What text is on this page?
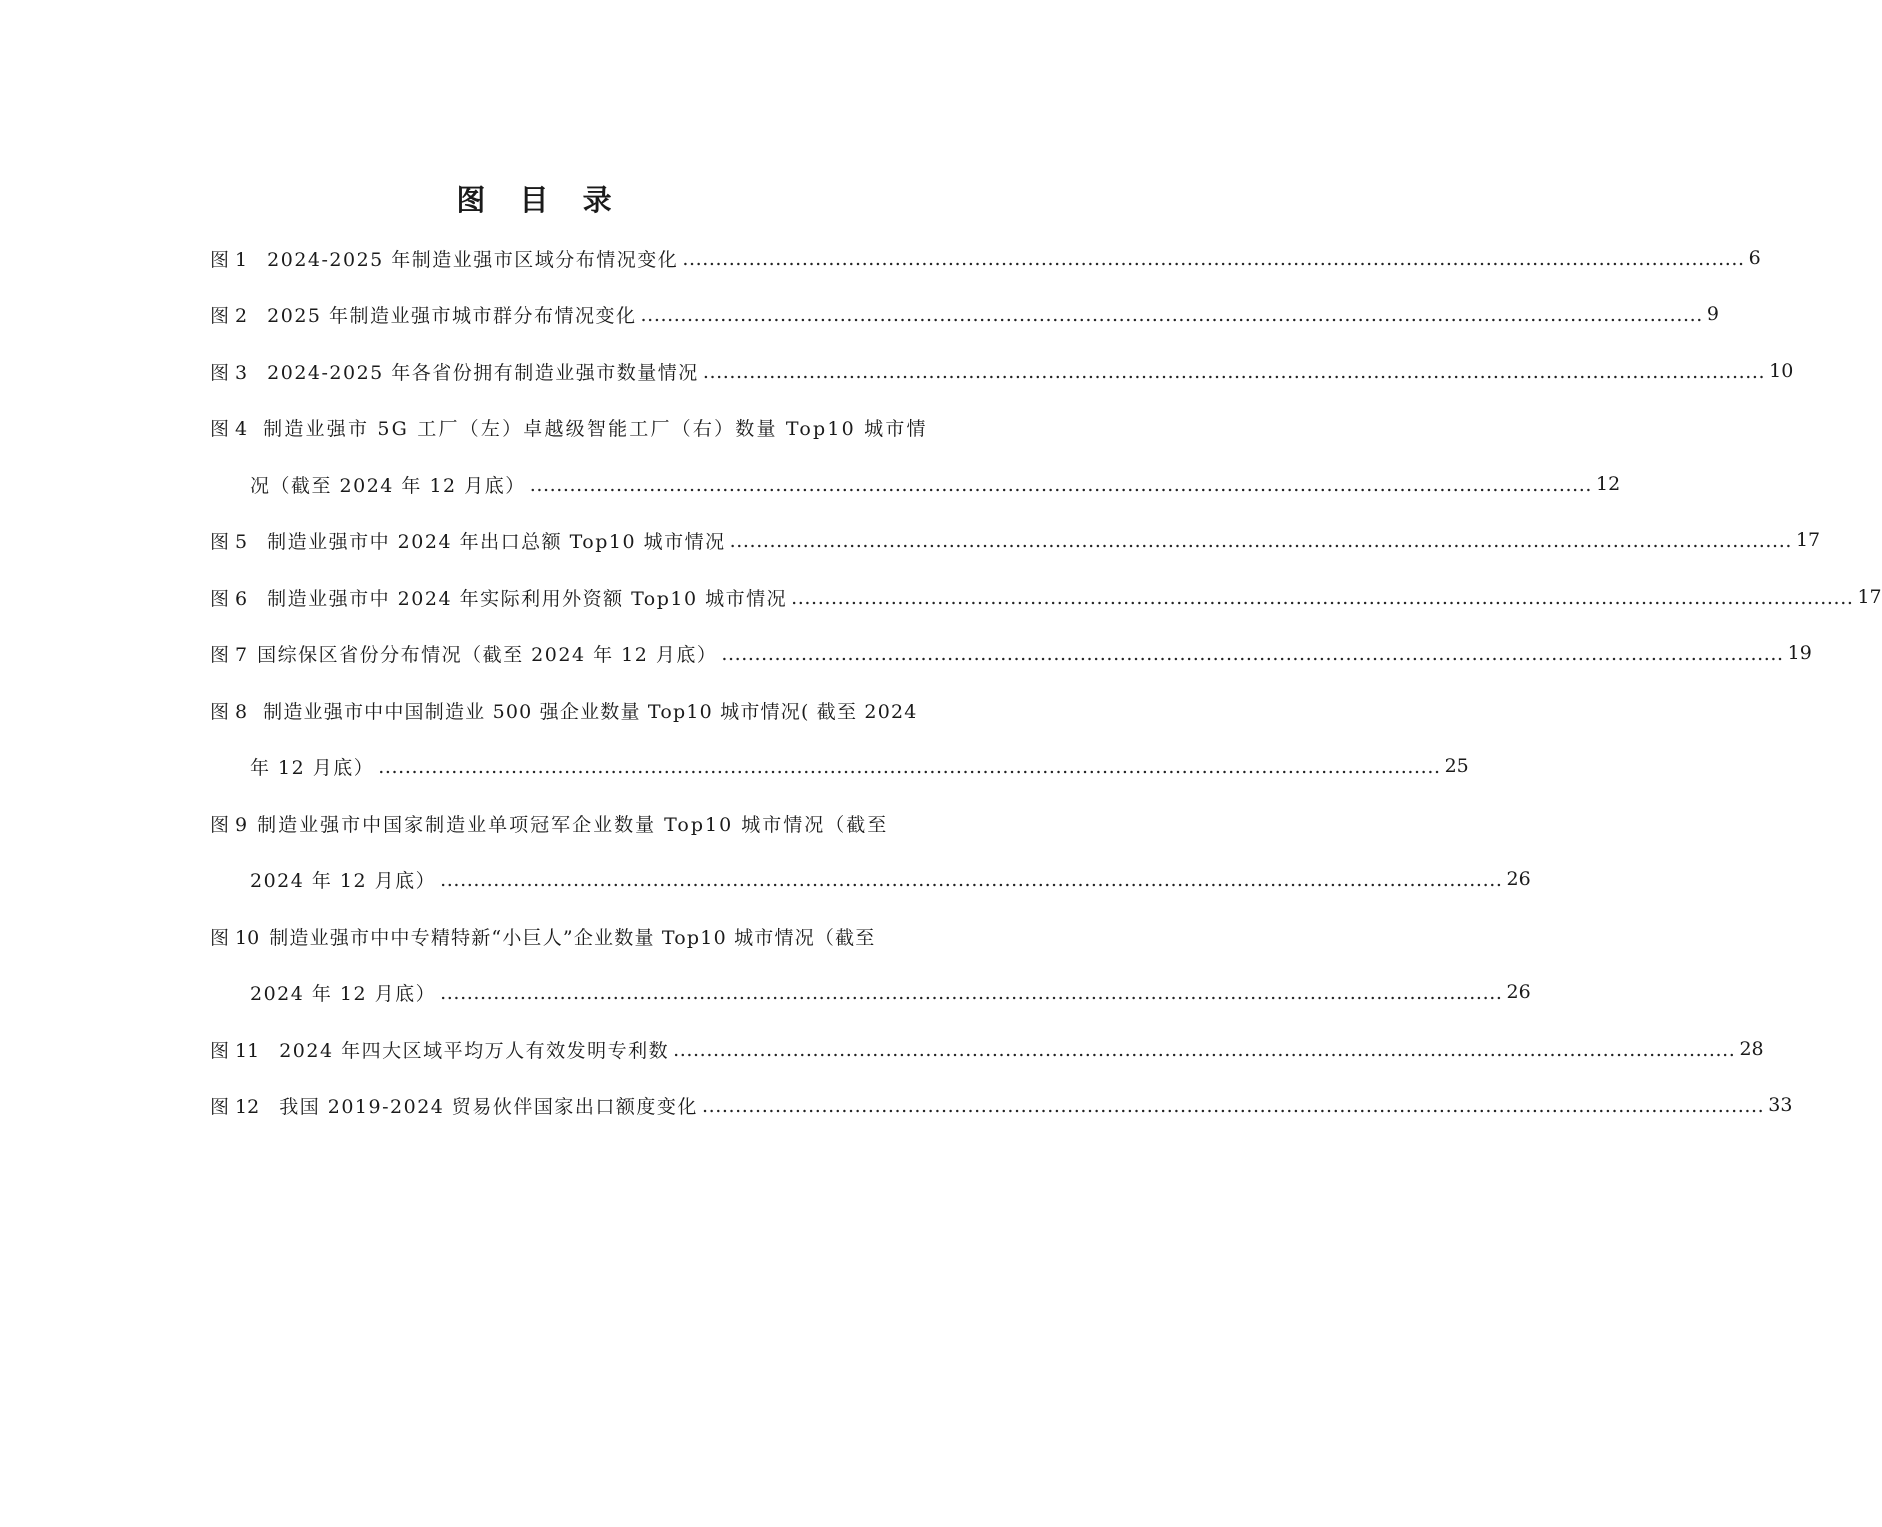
图 目 录
图 1 2024-2025 年制造业强市区域分布情况变化 ................................................................................................................................................................ 6
图 2 2025 年制造业强市城市群分布情况变化 ................................................................................................................................................................ 9
图 3 2024-2025 年各省份拥有制造业强市数量情况 ................................................................................................................................................................ 10
图 4 制造业强市 5G 工厂（左）卓越级智能工厂（右）数量 Top10 城市情
况（截至 2024 年 12 月底） ................................................................................................................................................................ 12
图 5 制造业强市中 2024 年出口总额 Top10 城市情况 ................................................................................................................................................................ 17
图 6 制造业强市中 2024 年实际利用外资额 Top10 城市情况 ................................................................................................................................................................ 17
图 7 国综保区省份分布情况（截至 2024 年 12 月底） ................................................................................................................................................................ 19
图 8 制造业强市中中国制造业 500 强企业数量 Top10 城市情况( 截至 2024
年 12 月底） ................................................................................................................................................................ 25
图 9 制造业强市中国家制造业单项冠军企业数量 Top10 城市情况（截至
2024 年 12 月底） ................................................................................................................................................................ 26
图 10 制造业强市中中专精特新“小巨人”企业数量 Top10 城市情况（截至
2024 年 12 月底） ................................................................................................................................................................ 26
图 11 2024 年四大区域平均万人有效发明专利数 ................................................................................................................................................................ 28
图 12 我国 2019-2024 贸易伙伴国家出口额度变化 ................................................................................................................................................................ 33
